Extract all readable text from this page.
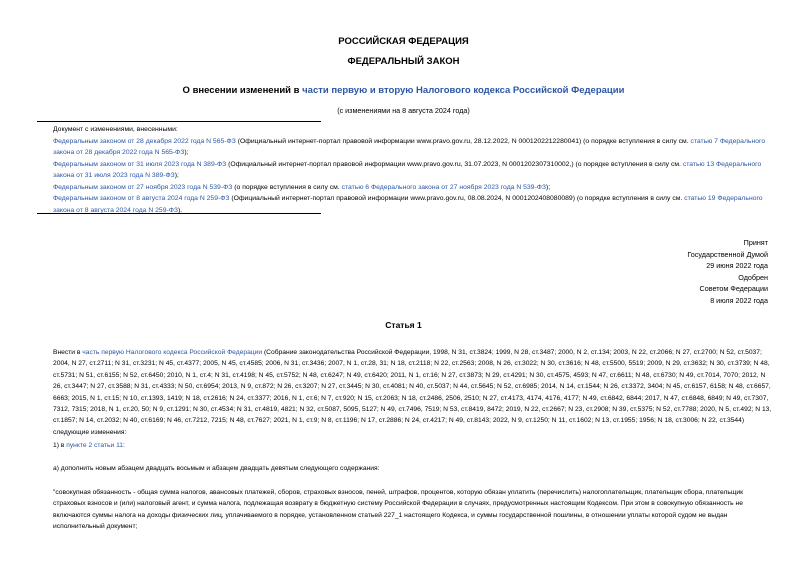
РОССИЙСКАЯ ФЕДЕРАЦИЯ
ФЕДЕРАЛЬНЫЙ ЗАКОН
О внесении изменений в части первую и вторую Налогового кодекса Российской Федерации
(с изменениями на 8 августа 2024 года)

Документ с изменениями, внесенными:

Федеральным законом от 28 декабря 2022 года N 565-ФЗ (Официальный интернет-портал правовой информации www.pravo.gov.ru, 28.12.2022, N 0001202212280041) (о порядке вступления в силу см. статью 7 Федерального закона от 28 декабря 2022 года N 565-ФЗ);

Федеральным законом от 31 июля 2023 года N 389-ФЗ (Официальный интернет-портал правовой информации www.pravo.gov.ru, 31.07.2023, N 0001202307310002,) (о порядке вступления в силу см. статью 13 Федерального закона от 31 июля 2023 года N 389-ФЗ);

Федеральным законом от 27 ноября 2023 года N 539-ФЗ (о порядке вступления в силу см. статью 6 Федерального закона от 27 ноября 2023 года N 539-ФЗ);

Федеральным законом от 8 августа 2024 года N 259-ФЗ (Официальный интернет-портал правовой информации www.pravo.gov.ru, 08.08.2024, N 0001202408080089) (о порядке вступления в силу см. статью 19 Федерального закона от 8 августа 2024 года N 259-ФЗ).

Принят
Государственной Думой
29 июня 2022 года
Одобрен
Советом Федерации
8 июля 2022 года
Статья 1

Внести в часть первую Налогового кодекса Российской Федерации (Собрание законодательства Российской Федерации, 1998, N 31, ст.3824; 1999, N 28, ст.3487; 2000, N 2, ст.134; 2003, N 22, ст.2066; N 27, ст.2700; N 52, ст.5037; 2004, N 27, ст.2711; N 31, ст.3231; N 45, ст.4377; 2005, N 45, ст.4585; 2006, N 31, ст.3436; 2007, N 1, ст.28, 31; N 18, ст.2118; N 22, ст.2563; 2008, N 26, ст.3022; N 30, ст.3616; N 48, ст.5500, 5519; 2009, N 29, ст.3632; N 30, ст.3739; N 48, ст.5731; N 51, ст.6155; N 52, ст.6450; 2010, N 1, ст.4; N 31, ст.4198; N 45, ст.5752; N 48, ст.6247; N 49, ст.6420; 2011, N 1, ст.16; N 27, ст.3873; N 29, ст.4291; N 30, ст.4575, 4593; N 47, ст.6611; N 48, ст.6730; N 49, ст.7014, 7070; 2012, N 26, ст.3447; N 27, ст.3588; N 31, ст.4333; N 50, ст.6954; 2013, N 9, ст.872; N 26, ст.3207; N 27, ст.3445; N 30, ст.4081; N 40, ст.5037; N 44, ст.5645; N 52, ст.6985; 2014, N 14, ст.1544; N 26, ст.3372, 3404; N 45, ст.6157, 6158; N 48, ст.6657, 6663; 2015, N 1, ст.15; N 10, ст.1393, 1419; N 18, ст.2616; N 24, ст.3377; 2016, N 1, ст.6; N 7, ст.920; N 15, ст.2063; N 18, ст.2486, 2506, 2510; N 27, ст.4173, 4174, 4176, 4177; N 49, ст.6842, 6844; 2017, N 47, ст.6848, 6849; N 49, ст.7307, 7312, 7315; 2018, N 1, ст.20, 50; N 9, ст.1291; N 30, ст.4534; N 31, ст.4819, 4821; N 32, ст.5087, 5095, 5127; N 49, ст.7496, 7519; N 53, ст.8419, 8472; 2019, N 22, ст.2667; N 23, ст.2908; N 39, ст.5375; N 52, ст.7788; 2020, N 5, ст.492; N 13, ст.1857; N 14, ст.2032; N 40, ст.6169; N 46, ст.7212, 7215; N 48, ст.7627; 2021, N 1, ст.9; N 8, ст.1196; N 17, ст.2886; N 24, ст.4217; N 49, ст.8143; 2022, N 9, ст.1250; N 11, ст.1602; N 13, ст.1955; 1956; N 18, ст.3006; N 22, ст.3544) следующие изменения:

1) в пункте 2 статьи 11:

а) дополнить новым абзацем двадцать восьмым и абзацем двадцать девятым следующего содержания:

"совокупная обязанность - общая сумма налогов, авансовых платежей, сборов, страховых взносов, пеней, штрафов, процентов, которую обязан уплатить (перечислить) налогоплательщик, плательщик сбора, плательщик страховых взносов и (или) налоговый агент, и сумма налога, подлежащая возврату в бюджетную систему Российской Федерации в случаях, предусмотренных настоящим Кодексом. При этом в совокупную обязанность не включаются суммы налога на доходы физических лиц, уплачиваемого в порядке, установленном статьей 227_1 настоящего Кодекса, и суммы государственной пошлины, в отношении уплаты которой судом не выдан исполнительный документ;
